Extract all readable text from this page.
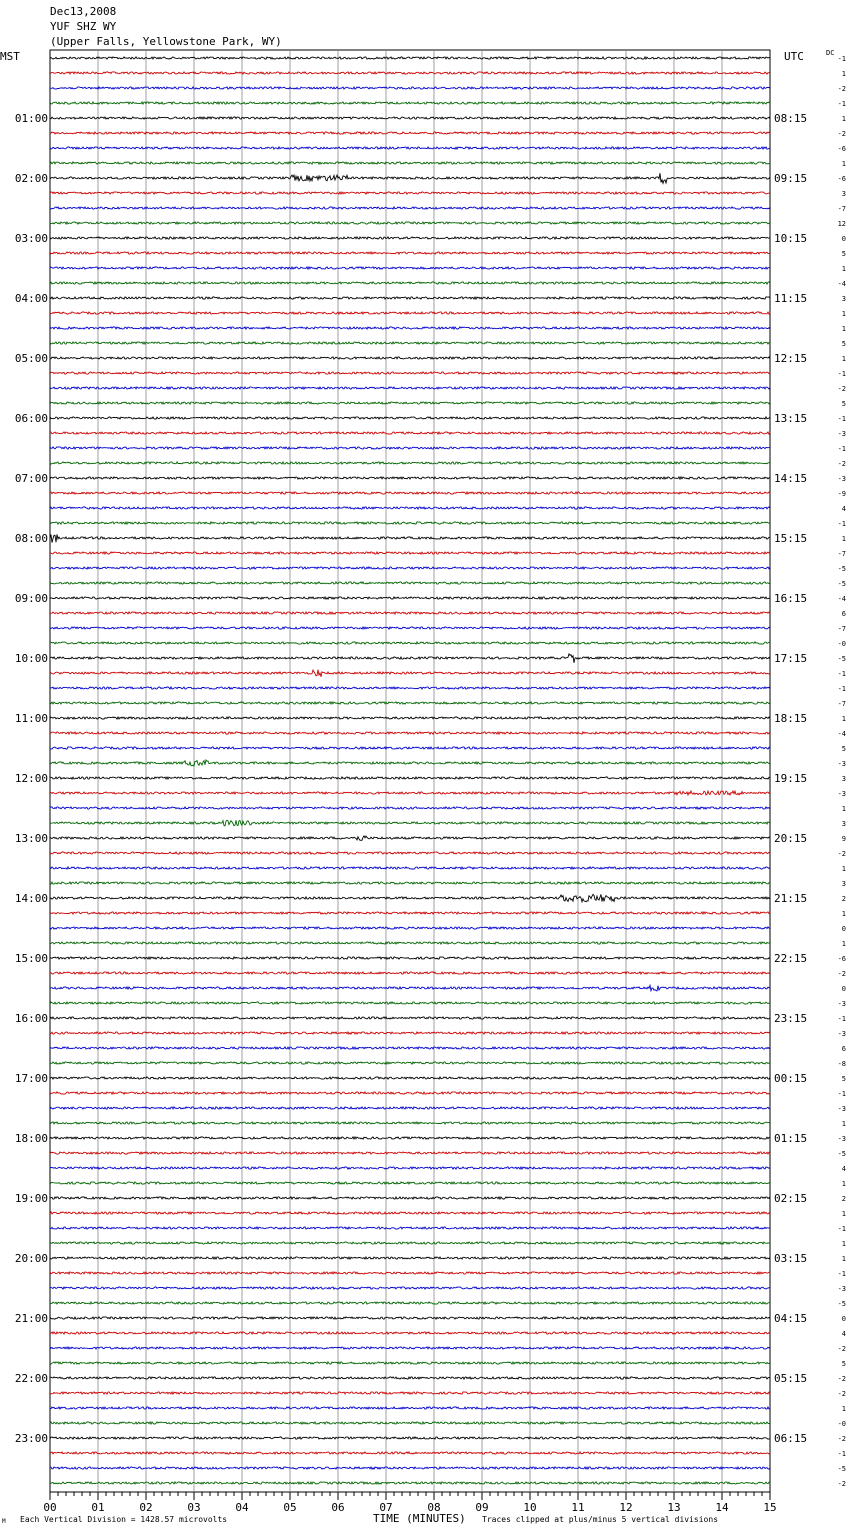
Dec13,2008
YUF SHZ WY
(Upper Falls, Yellowstone Park, WY)
MST	UTC	DC
-1
1
-2
-1
1
-2
-6
1
-6
3
-7
12
0
5
1
-4
3
1
1
5
1
-1
-2
5
-1
-3
-1
-2
-3
-9
4
-1
1
-7
-5
-5
-4
6
-7
-0
-5
-1
-1
-7
1
-4
5
-3
3
-3
1
3
9
-2
1
3
2
1
0
1
-6
-2
0
-3
-1
-3
6
-8
5
-1
-3
1
-3
-5
4
1
2
1
-1
1
1
-1
-3
-5
0
4
-2
5
-2
-2
1
-0
-2
-1
-5
-2
01:00	08:15
02:00	09:15
03:00	10:15
04:00	11:15
05:00	12:15
06:00	13:15
07:00	14:15
08:00	15:15
09:00	16:15
10:00	17:15
11:00	18:15
12:00	19:15
13:00	20:15
14:00	21:15
15:00	22:15
16:00	23:15
17:00	00:15
18:00	01:15
19:00	02:15
20:00	03:15
21:00	04:15
22:00	05:15
23:00	06:15
00	01	02	03	04	05	06	07	08	09	10	11	12	13	14	15
M Each Vertical Division = 1428.57 microvolts	TIME (MINUTES) Traces clipped at plus/minus 5 vertical divisions
